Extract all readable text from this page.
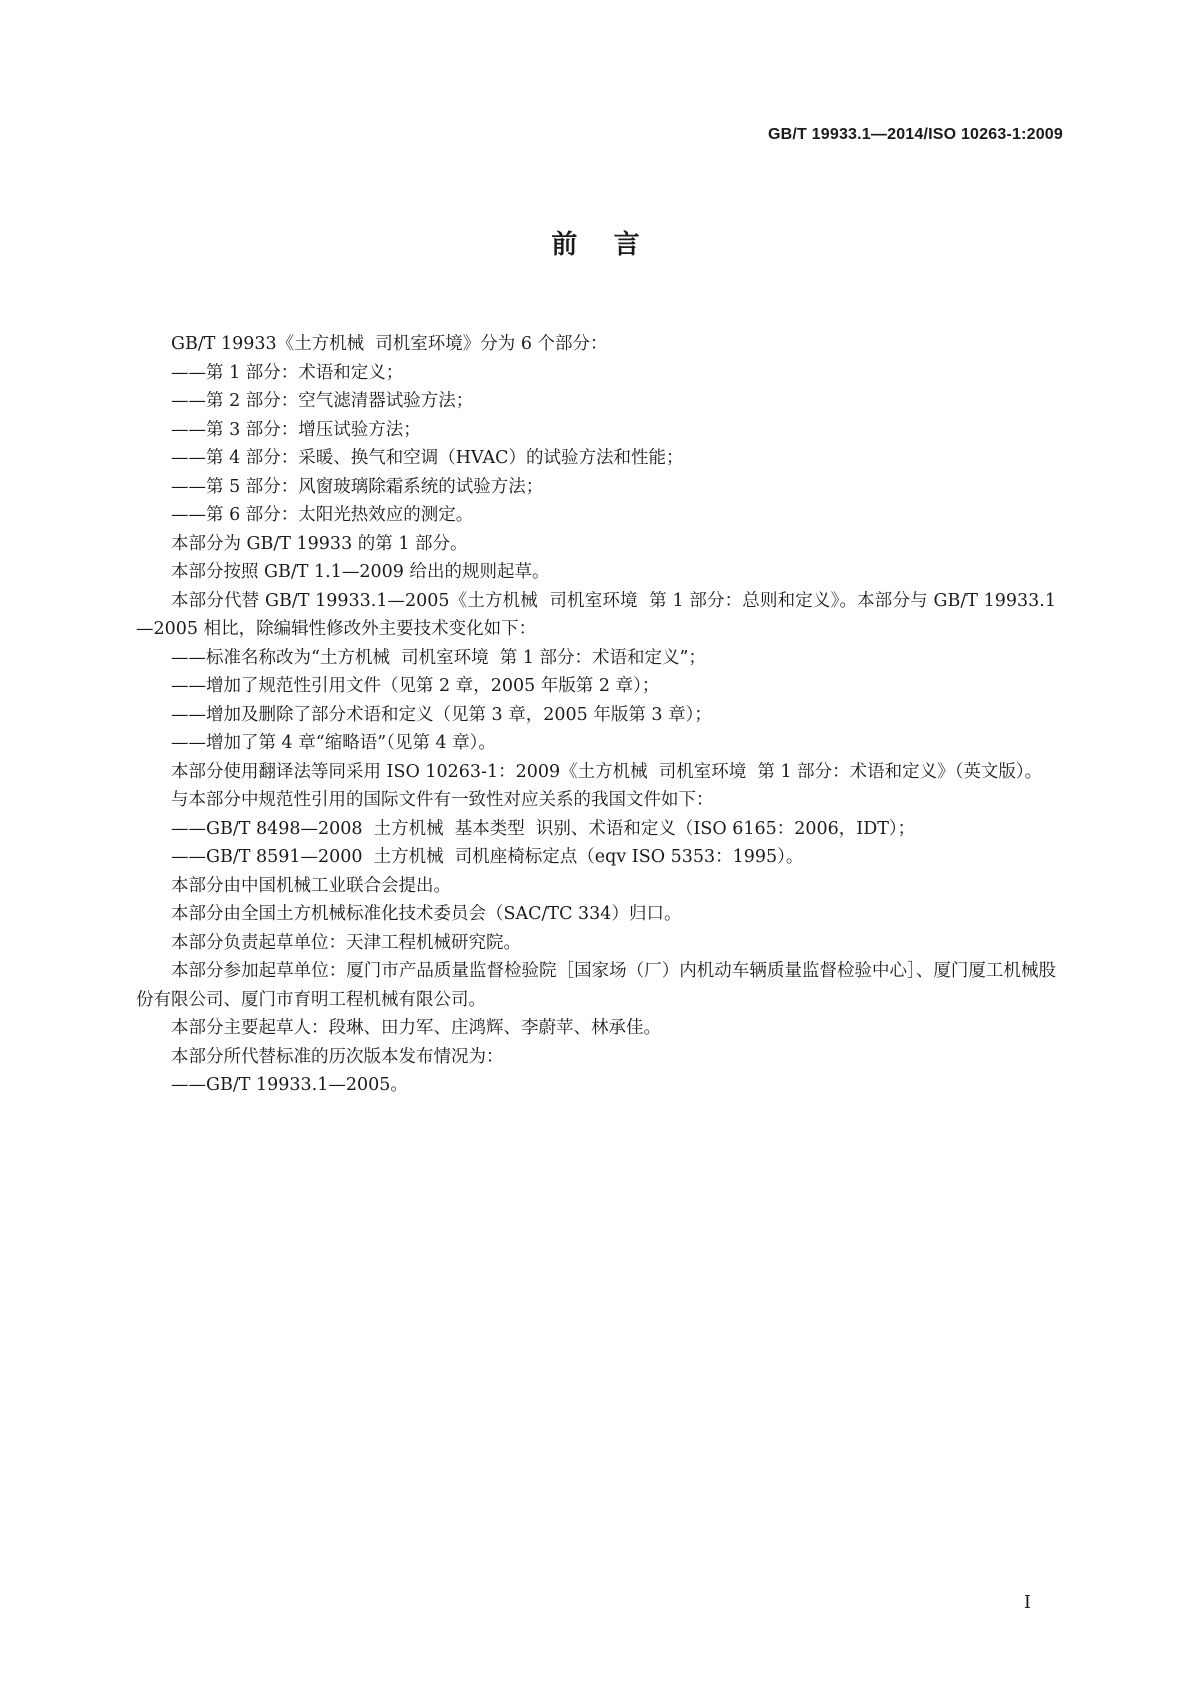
GB/T 19933.1—2014/ISO 10263-1:2009
前    言

GB/T 19933《土方机械  司机室环境》分为 6 个部分：

——第 1 部分：术语和定义；

——第 2 部分：空气滤清器试验方法；

——第 3 部分：增压试验方法；

——第 4 部分：采暖、换气和空调（HVAC）的试验方法和性能；

——第 5 部分：风窗玻璃除霜系统的试验方法；

——第 6 部分：太阳光热效应的测定。

本部分为 GB/T 19933 的第 1 部分。

本部分按照 GB/T 1.1—2009 给出的规则起草。

本部分代替 GB/T 19933.1—2005《土方机械  司机室环境  第 1 部分：总则和定义》。本部分与 GB/T 19933.1—2005 相比，除编辑性修改外主要技术变化如下：

——标准名称改为“土方机械  司机室环境  第 1 部分：术语和定义”；

——增加了规范性引用文件（见第 2 章，2005 年版第 2 章）；

——增加及删除了部分术语和定义（见第 3 章，2005 年版第 3 章）；

——增加了第 4 章“缩略语”（见第 4 章）。

本部分使用翻译法等同采用 ISO 10263-1：2009《土方机械  司机室环境  第 1 部分：术语和定义》（英文版）。

与本部分中规范性引用的国际文件有一致性对应关系的我国文件如下：

——GB/T 8498—2008  土方机械  基本类型  识别、术语和定义（ISO 6165：2006，IDT）；

——GB/T 8591—2000  土方机械  司机座椅标定点（eqv ISO 5353：1995）。

本部分由中国机械工业联合会提出。

本部分由全国土方机械标准化技术委员会（SAC/TC 334）归口。

本部分负责起草单位：天津工程机械研究院。

本部分参加起草单位：厦门市产品质量监督检验院［国家场（厂）内机动车辆质量监督检验中心］、厦门厦工机械股份有限公司、厦门市育明工程机械有限公司。

本部分主要起草人：段琳、田力军、庄鸿辉、李蔚苹、林承佳。

本部分所代替标准的历次版本发布情况为：

——GB/T 19933.1—2005。

I
